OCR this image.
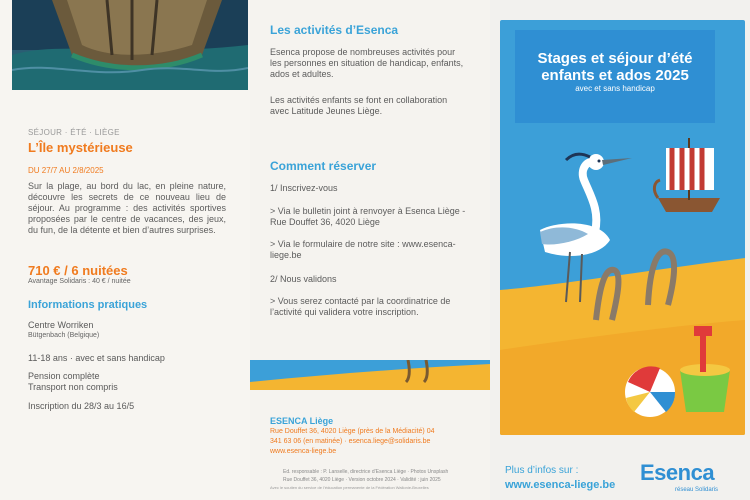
SÉJOUR · ÉTÉ · LIÈGE
L’Île mystérieuse
DU 27/7 AU 2/8/2025

Sur la plage, au bord du lac, en pleine nature, découvre les secrets de ce nouveau lieu de séjour. Au programme : des activités sportives proposées par le centre de vacances, des jeux, du fun, de la détente et bien d’autres surprises.

710 € / 6 nuitées
Avantage Solidaris : 40 € / nuitée
Informations pratiques
Centre Worriken
Bütgenbach (Belgique)
11-18 ans · avec et sans handicap
Pension complète
Transport non compris
Inscription du 28/3 au 16/5
Les activités d’Esenca

Esenca propose de nombreuses activités pour les personnes en situation de handicap, enfants, ados et adultes.

Les activités enfants se font en collaboration avec Latitude Jeunes Liège.

Comment réserver
1/ Inscrivez-vous

> Via le bulletin joint à renvoyer à Esenca Liège - Rue Douffet 36, 4020 Liège

> Via le formulaire de notre site : www.esenca-liege.be

2/ Nous validons

> Vous serez contacté par la coordinatrice de l’activité qui validera votre inscription.

ESENCA Liège
Rue Douffet 36, 4020 Liège (près de la Médiacité) 04
341 63 06 (en matinée) · esenca.liege@solidaris.be
www.esenca-liege.be
Ed. responsable : P. Lanselle, directrice d’Esenca Liège · Photos Unsplash
Rue Douffet 36, 4020 Liège · Version octobre 2024 · Validité : juin 2025
Avec le soutien du service de l’éducation permanente de la Fédération Wallonie-Bruxelles
Stages et séjour d’été
enfants et ados 2025
avec et sans handicap
Plus d’infos sur :
www.esenca-liege.be Esenca
réseau Solidaris
